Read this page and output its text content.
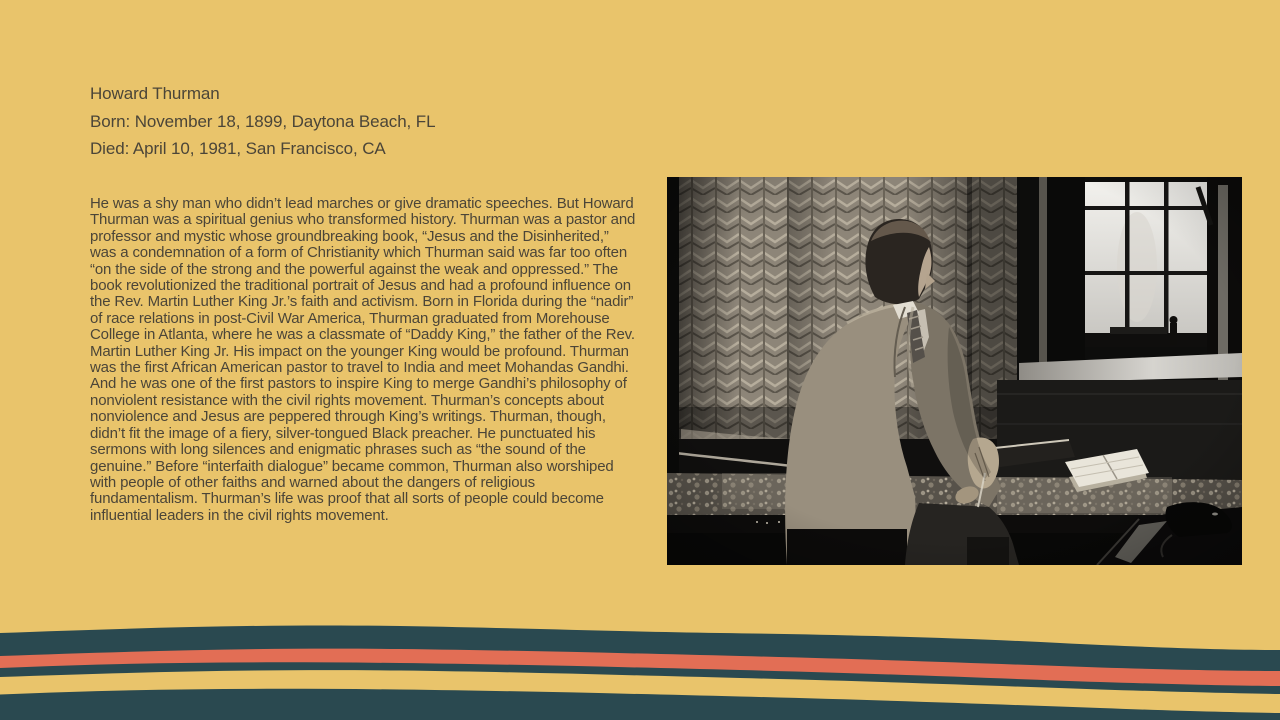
Howard Thurman
Born: November 18, 1899, Daytona Beach, FL
Died: April 10, 1981, San Francisco, CA
He was a shy man who didn’t lead marches or give dramatic speeches. But Howard Thurman was a spiritual genius who transformed history. Thurman was a pastor and professor and mystic whose groundbreaking book, “Jesus and the Disinherited,” was a condemnation of a form of Christianity which Thurman said was far too often “on the side of the strong and the powerful against the weak and oppressed.” The book revolutionized the traditional portrait of Jesus and had a profound influence on the Rev. Martin Luther King Jr.’s faith and activism. Born in Florida during the “nadir” of race relations in post-Civil War America, Thurman graduated from Morehouse College in Atlanta, where he was a classmate of “Daddy King,” the father of the Rev. Martin Luther King Jr. His impact on the younger King would be profound. Thurman was the first African American pastor to travel to India and meet Mohandas Gandhi. And he was one of the first pastors to inspire King to merge Gandhi’s philosophy of nonviolent resistance with the civil rights movement. Thurman’s concepts about nonviolence and Jesus are peppered through King’s writings. Thurman, though, didn’t fit the image of a fiery, silver-tongued Black preacher. He punctuated his sermons with long silences and enigmatic phrases such as “the sound of the genuine.” Before “interfaith dialogue” became common, Thurman also worshiped with people of other faiths and warned about the dangers of religious fundamentalism. Thurman’s life was proof that all sorts of people could become influential leaders in the civil rights movement.
